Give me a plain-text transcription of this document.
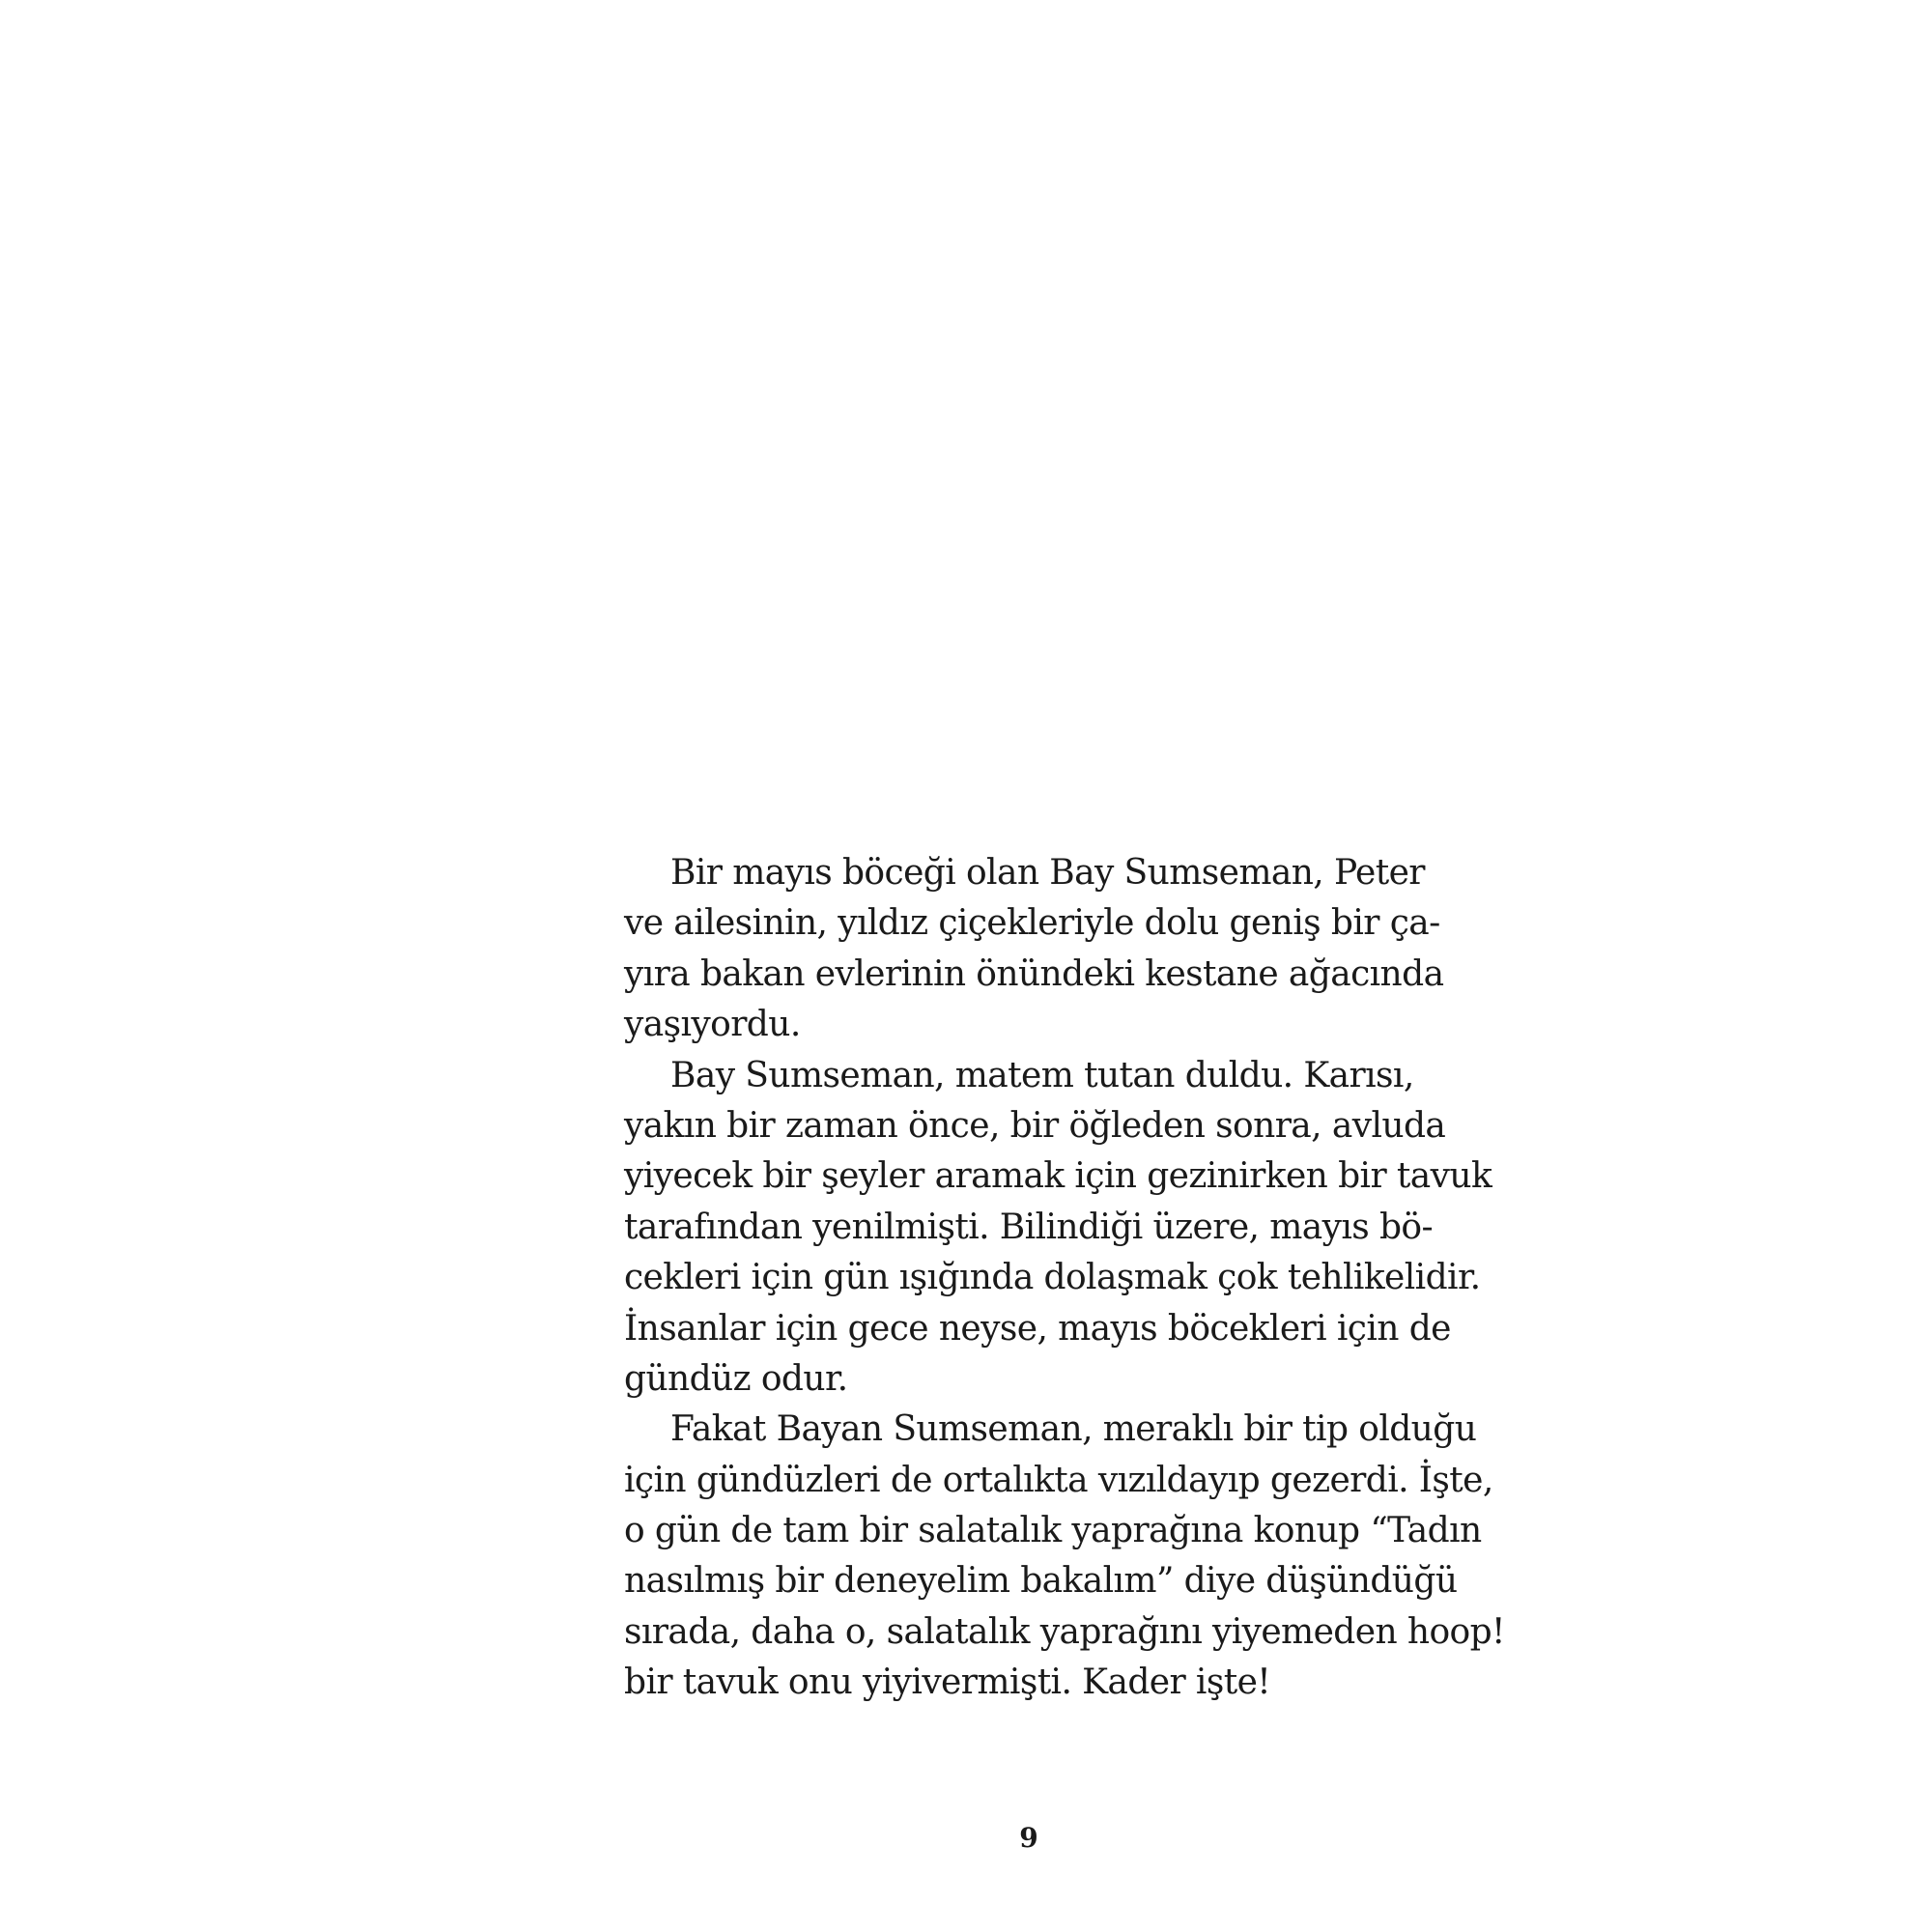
Bir mayıs böceği olan Bay Sumseman, Peter
ve ailesinin, yıldız çiçekleriyle dolu geniş bir ça-
yıra bakan evlerinin önündeki kestane ağacında
yaşıyordu.

Bay Sumseman, matem tutan duldu. Karısı,
yakın bir zaman önce, bir öğleden sonra, avluda
yiyecek bir şeyler aramak için gezinirken bir tavuk
tarafından yenilmişti. Bilindiği üzere, mayıs bö-
cekleri için gün ışığında dolaşmak çok tehlikelidir.
İnsanlar için gece neyse, mayıs böcekleri için de
gündüz odur.

Fakat Bayan Sumseman, meraklı bir tip olduğu
için gündüzleri de ortalıkta vızıldayıp gezerdi. İşte,
o gün de tam bir salatalık yaprağına konup “Tadın
nasılmış bir deneyelim bakalım” diye düşündüğü
sırada, daha o, salatalık yaprağını yiyemeden hoop!
bir tavuk onu yiyivermişti. Kader işte!

9
